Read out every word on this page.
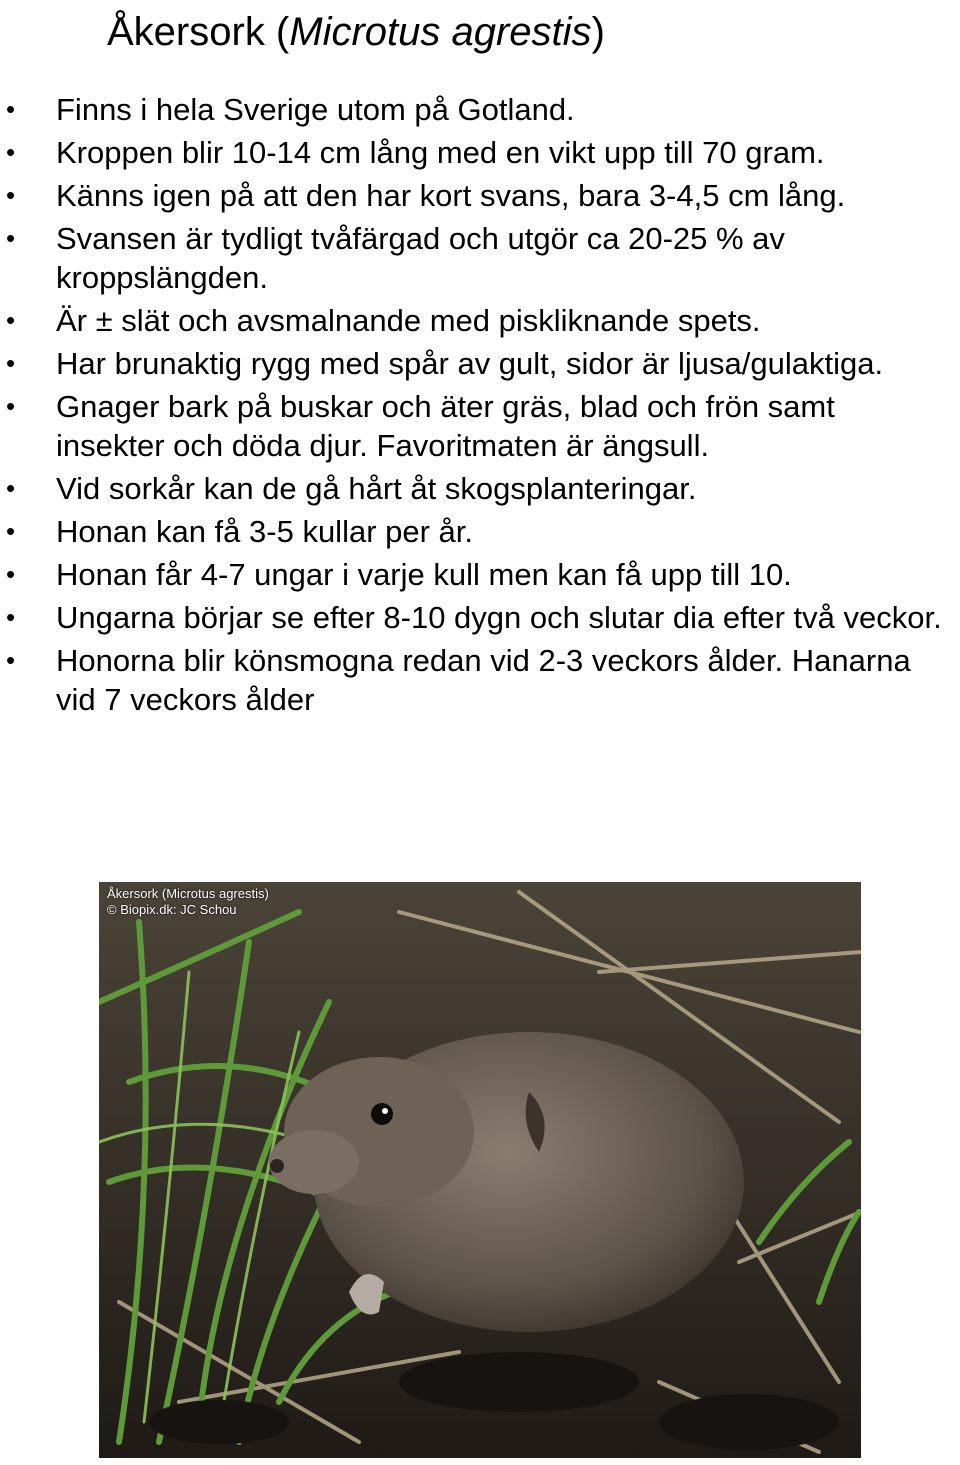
Åkersork (Microtus agrestis)
• Finns i hela Sverige utom på Gotland.
• Kroppen blir 10-14 cm lång med en vikt upp till 70 gram.
• Känns igen på att den har kort svans, bara 3-4,5 cm lång.
• Svansen är tydligt tvåfärgad och utgör ca 20-25 % av kroppslängden.
• Är ± slät och avsmalnande med piskliknande spets.
• Har brunaktig rygg med spår av gult, sidor är ljusa/gulaktiga.
• Gnager bark på buskar och äter gräs, blad och frön samt insekter och döda djur. Favoritmaten är ängsull.
• Vid sorkår kan de gå hårt åt skogsplanteringar.
• Honan kan få 3-5 kullar per år.
• Honan får 4-7 ungar i varje kull men kan få upp till 10.
• Ungarna börjar se efter 8-10 dygn och slutar dia efter två veckor.
• Honorna blir könsmogna redan vid 2-3 veckors ålder. Hanarna vid 7 veckors ålder
Åkersork (Microtus agrestis)
© Biopix.dk: JC Schou
